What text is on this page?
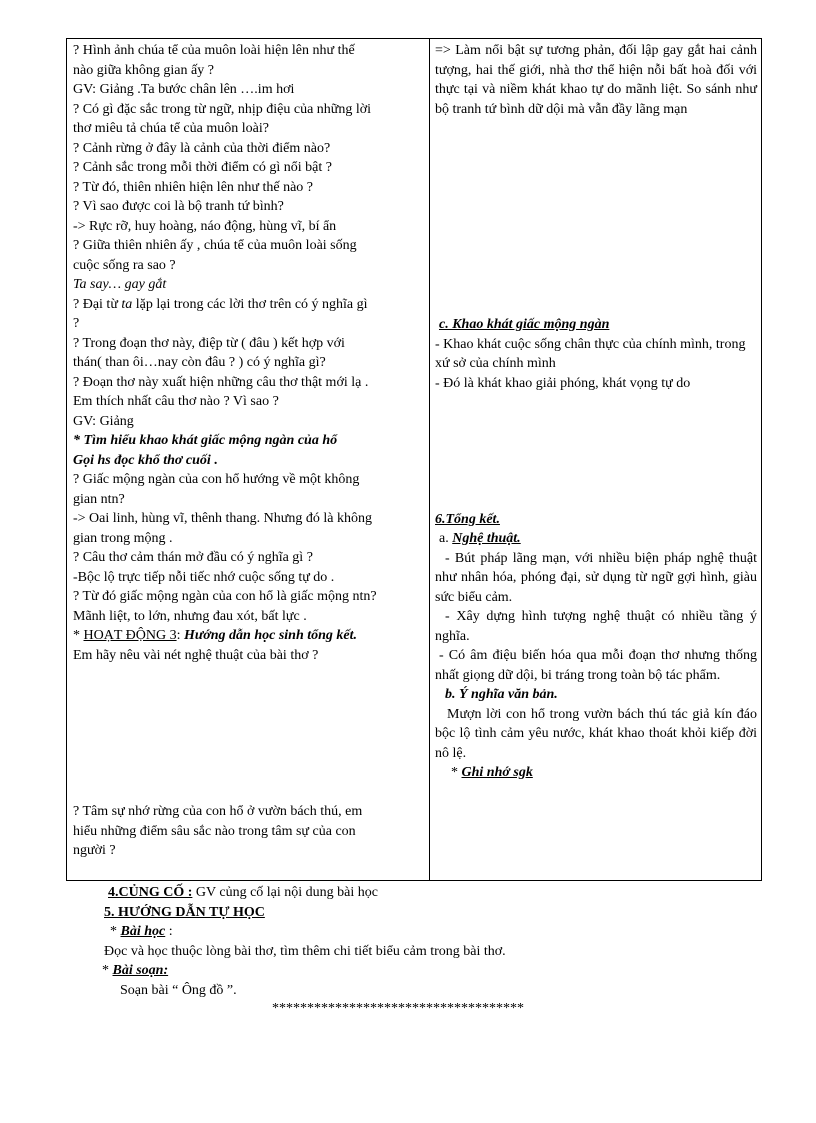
? Hình ảnh chúa tể của muôn loài hiện lên như thế
nào giữa không gian ấy ?
GV: Giảng .Ta bước chân lên ….im hơi
? Có gì đặc sắc trong từ ngữ, nhịp điệu của những lời
thơ miêu tả chúa tể của muôn loài?
? Cảnh rừng ở đây là cảnh của thời điểm nào?
? Cảnh sắc trong mỗi thời điểm có gì nổi bật ?
? Từ đó, thiên nhiên hiện lên như thế nào ?
? Vì sao được coi là bộ tranh tứ bình?
-> Rực rỡ, huy hoàng, náo động, hùng vĩ, bí ẩn
? Giữa thiên nhiên ấy , chúa tể của muôn loài sống
cuộc sống ra sao ?
Ta say… gay gắt
? Đại từ ta lặp lại trong các lời thơ trên có ý nghĩa gì
?
? Trong đoạn thơ này, điệp từ ( đâu ) kết hợp với
thán( than ôi…nay còn đâu ? ) có ý nghĩa gì?
? Đoạn thơ này xuất hiện những câu thơ thật mới lạ .
Em thích nhất câu thơ nào ? Vì sao ?
GV: Giảng
* Tìm hiểu khao khát giấc mộng ngàn của hổ
Gọi hs đọc khổ thơ cuối .
? Giấc mộng ngàn của con hổ hướng về một không
gian ntn?
-> Oai linh, hùng vĩ, thênh thang. Nhưng đó là không
gian trong mộng .
? Câu thơ cảm thán mở đầu có ý nghĩa gì ?
-Bộc lộ trực tiếp nỗi tiếc nhớ cuộc sống tự do .
? Từ đó giấc mộng ngàn của con hổ là giấc mộng ntn?
Mãnh liệt, to lớn, nhưng đau xót, bất lực .
* HOẠT ĐỘNG 3: Hướng dẫn học sinh tổng kết.
Em hãy nêu vài nét nghệ thuật của bài thơ ?
? Tâm sự nhớ rừng của con hổ ở vườn bách thú, em
hiểu những điểm sâu sắc nào trong tâm sự của con
người ?
=> Làm nổi bật sự tương phản, đối lập gay gắt hai cảnh tượng, hai thế giới, nhà thơ thể hiện nỗi bất hoà đối với thực tại và niềm khát khao tự do mãnh liệt. So sánh như bộ tranh tứ bình dữ dội mà vẫn đầy lãng mạn
c. Khao khát giấc mộng ngàn
- Khao khát cuộc sống chân thực của chính mình, trong xứ sở của chính mình
- Đó là khát khao giải phóng, khát vọng tự do
6.Tổng kết.
a. Nghệ thuật.
- Bút pháp lãng mạn, với nhiều biện pháp nghệ thuật như nhân hóa, phóng đại, sử dụng từ ngữ gợi hình, giàu sức biểu cảm.
- Xây dựng hình tượng nghệ thuật có nhiều tầng ý nghĩa.
- Có âm điệu biến hóa qua mỗi đoạn thơ nhưng thống nhất giọng dữ dội, bi tráng trong toàn bộ tác phẩm.
b. Ý nghĩa văn bản.
Mượn lời con hổ trong vườn bách thú tác giả kín đáo bộc lộ tình cảm yêu nước, khát khao thoát khỏi kiếp đời nô lệ.
* Ghi nhớ sgk
4.CỦNG CỐ : GV củng cố lại nội dung bài học
5. HƯỚNG DẪN TỰ HỌC
* Bài học :
Đọc và học thuộc lòng bài thơ, tìm thêm chi tiết biểu cảm trong bài thơ.
* Bài soạn:
Soạn bài “ Ông đồ ”.
************************************
